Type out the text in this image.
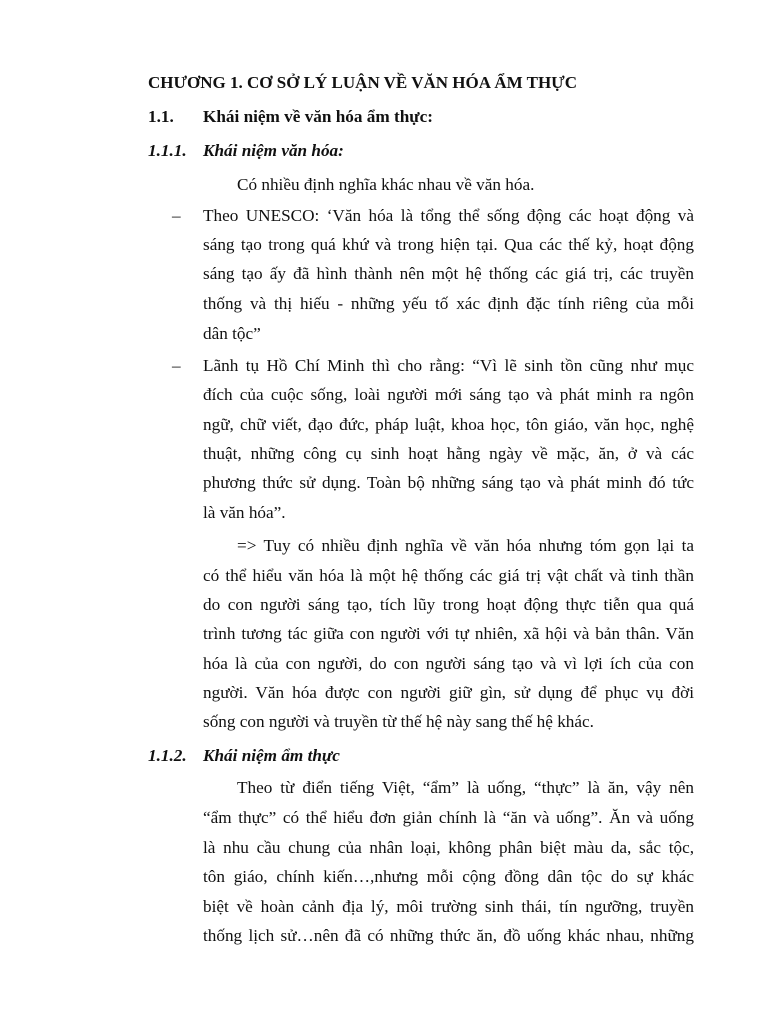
CHƯƠNG 1. CƠ SỞ LÝ LUẬN VỀ VĂN HÓA ẨM THỰC
1.1. Khái niệm về văn hóa ẩm thực:
1.1.1. Khái niệm văn hóa:
Có nhiều định nghĩa khác nhau về văn hóa.
– Theo UNESCO: ‘Văn hóa là tổng thể sống động các hoạt động và
sáng tạo trong quá khứ và trong hiện tại. Qua các thế kỷ, hoạt động
sáng tạo ấy đã hình thành nên một hệ thống các giá trị, các truyền
thống và thị hiếu - những yếu tố xác định đặc tính riêng của mỗi
dân tộc”
– Lãnh tụ Hồ Chí Minh thì cho rằng: “Vì lẽ sinh tồn cũng như mục
đích của cuộc sống, loài người mới sáng tạo và phát minh ra ngôn
ngữ, chữ viết, đạo đức, pháp luật, khoa học, tôn giáo, văn học, nghệ
thuật, những công cụ sinh hoạt hằng ngày về mặc, ăn, ở và các
phương thức sử dụng. Toàn bộ những sáng tạo và phát minh đó tức
là văn hóa”.
=> Tuy có nhiều định nghĩa về văn hóa nhưng tóm gọn lại ta
có thể hiểu văn hóa là một hệ thống các giá trị vật chất và tinh thần
do con người sáng tạo, tích lũy trong hoạt động thực tiễn qua quá
trình tương tác giữa con người với tự nhiên, xã hội và bản thân. Văn
hóa là của con người, do con người sáng tạo và vì lợi ích của con
người. Văn hóa được con người giữ gìn, sử dụng để phục vụ đời
sống con người và truyền từ thế hệ này sang thế hệ khác.
1.1.2. Khái niệm ẩm thực
Theo từ điển tiếng Việt, “ẩm” là uống, “thực” là ăn, vậy nên
“ẩm thực” có thể hiểu đơn giản chính là “ăn và uống”. Ăn và uống
là nhu cầu chung của nhân loại, không phân biệt màu da, sắc tộc,
tôn giáo, chính kiến…,nhưng mỗi cộng đồng dân tộc do sự khác
biệt về hoàn cảnh địa lý, môi trường sinh thái, tín ngưỡng, truyền
thống lịch sử…nên đã có những thức ăn, đồ uống khác nhau, những
